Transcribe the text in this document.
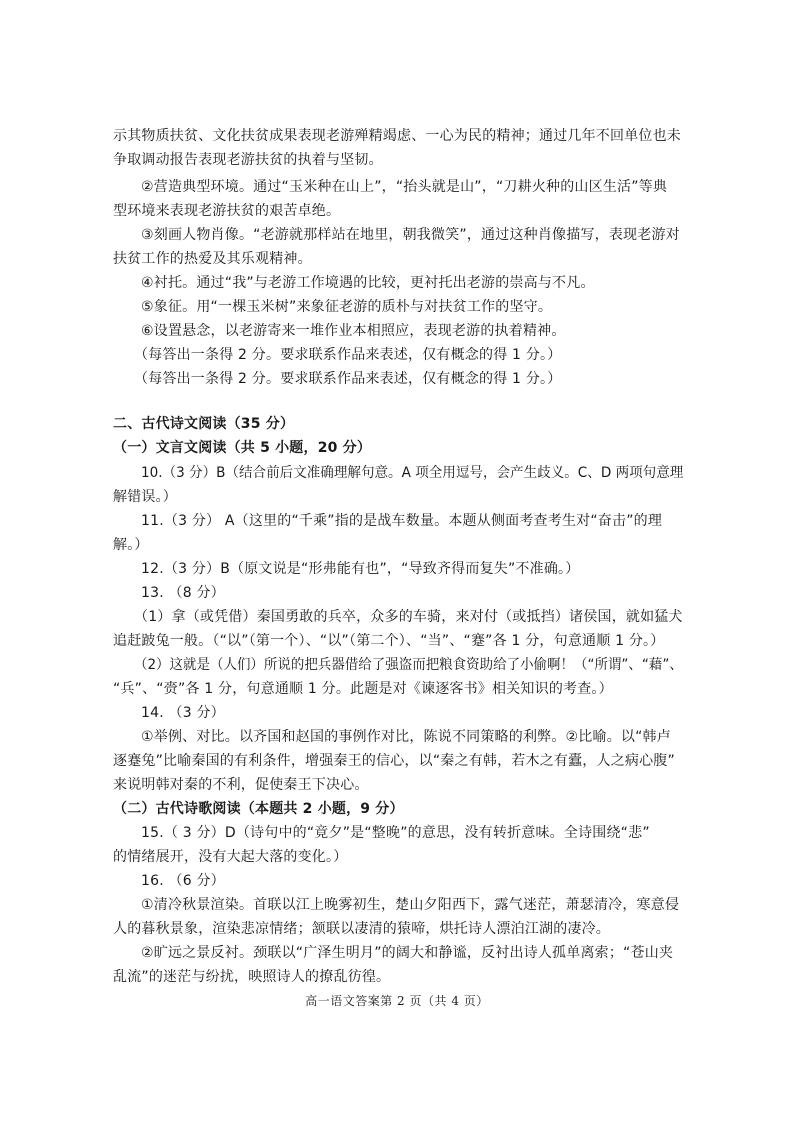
示其物质扶贫、文化扶贫成果表现老游殚精竭虑、一心为民的精神；通过几年不回单位也未
争取调动报告表现老游扶贫的执着与坚韧。
②营造典型环境。通过“玉米种在山上”，“抬头就是山”，“刀耕火种的山区生活”等典
型环境来表现老游扶贫的艰苦卓绝。
③刻画人物肖像。“老游就那样站在地里，朝我微笑”，通过这种肖像描写，表现老游对
扶贫工作的热爱及其乐观精神。
④衬托。通过“我”与老游工作境遇的比较，更衬托出老游的崇高与不凡。
⑤象征。用“一棵玉米树”来象征老游的质朴与对扶贫工作的坚守。
⑥设置悬念，以老游寄来一堆作业本相照应，表现老游的执着精神。
（每答出一条得 2 分。要求联系作品来表述，仅有概念的得 1 分。）
（每答出一条得 2 分。要求联系作品来表述，仅有概念的得 1 分。）
二、古代诗文阅读（35 分）
（一）文言文阅读（共 5 小题，20 分）
10.（3 分）B（结合前后文准确理解句意。A 项全用逗号，会产生歧义。C、D 两项句意理
解错误。）
11.（3 分） A（这里的“千乘”指的是战车数量。本题从侧面考查考生对“奋击”的理
解。）
12.（3 分）B（原文说是“形弗能有也”，“导致齐得而复失”不准确。）
13. （8 分）
（1）拿（或凭借）秦国勇敢的兵卒，众多的车骑，来对付（或抵挡）诸侯国，就如猛犬
追赶跛兔一般。（“以”（第一个）、“以”（第二个）、“当”、“蹇”各 1 分，句意通顺 1 分。）
（2）这就是（人们）所说的把兵器借给了强盗而把粮食资助给了小偷啊！（“所谓”、“藉”、
“兵”、“赍”各 1 分，句意通顺 1 分。此题是对《谏逐客书》相关知识的考查。）
14. （3 分）
①举例、对比。以齐国和赵国的事例作对比，陈说不同策略的利弊。②比喻。以“韩卢
逐蹇兔”比喻秦国的有利条件，增强秦王的信心，以“秦之有韩，若木之有蠹，人之病心腹”
来说明韩对秦的不利，促使秦王下决心。
（二）古代诗歌阅读（本题共 2 小题，9 分）
15.（ 3 分）D（诗句中的“竟夕”是“整晚”的意思，没有转折意味。全诗围绕“悲”
的情绪展开，没有大起大落的变化。）
16. （6 分）
①清冷秋景渲染。首联以江上晚雾初生，楚山夕阳西下，露气迷茫，萧瑟清冷，寒意侵
人的暮秋景象，渲染悲凉情绪；颔联以凄清的猿啼，烘托诗人漂泊江湖的凄冷。
②旷远之景反衬。颈联以“广泽生明月”的阔大和静谧，反衬出诗人孤单离索；“苍山夹
乱流”的迷茫与纷扰，映照诗人的撩乱彷徨。
高一语文答案第 2 页（共 4 页）
